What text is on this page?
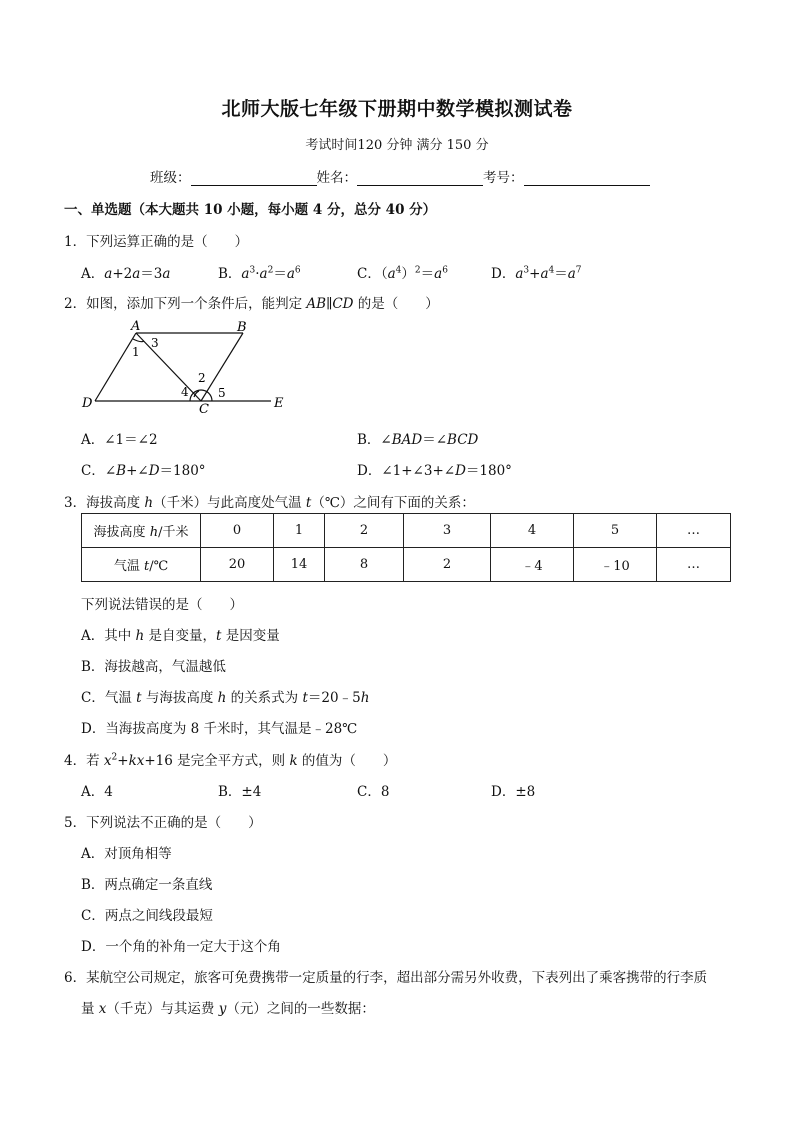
北师大版七年级下册期中数学模拟测试卷
考试时间120 分钟 满分 150 分
班级：	姓名：	考号：
一、单选题（本大题共 10 小题，每小题 4 分，总分 40 分）
1．下列运算正确的是（　　）
A．a+2a＝3a	B．$a^3\cdot a^2=a^6$	C．$(a^4)^2=a^6$	D．$a^3+a^4=a^7$
2．如图，添加下列一个条件后，能判定 AB∥CD 的是（　　）
A	B
C
D	E
1
2
3
4 5
A．∠1＝∠2	B．∠BAD＝∠BCD
C．∠B+∠D＝180°	D．∠1+∠3+∠D＝180°
3．海拔高度 h（千米）与此高度处气温 t（℃）之间有下面的关系：
海拔高度 h/千米	0	1	2	3	4	5	…
气温 t/℃	20	14	8	2	﹣4	﹣10	…
下列说法错误的是（　　）
A．其中 h 是自变量，t 是因变量
B．海拔越高，气温越低
C．气温 t 与海拔高度 h 的关系式为 t＝20﹣5h
D．当海拔高度为 8 千米时，其气温是﹣28℃
4．若 $x^2+kx+16$ 是完全平方式，则 k 的值为（　　）
A．4	B．±4	C．8	D．±8
5．下列说法不正确的是（　　）
A．对顶角相等
B．两点确定一条直线
C．两点之间线段最短
D．一个角的补角一定大于这个角
6．某航空公司规定，旅客可免费携带一定质量的行李，超出部分需另外收费，下表列出了乘客携带的行李质
量 x（千克）与其运费 y（元）之间的一些数据：
